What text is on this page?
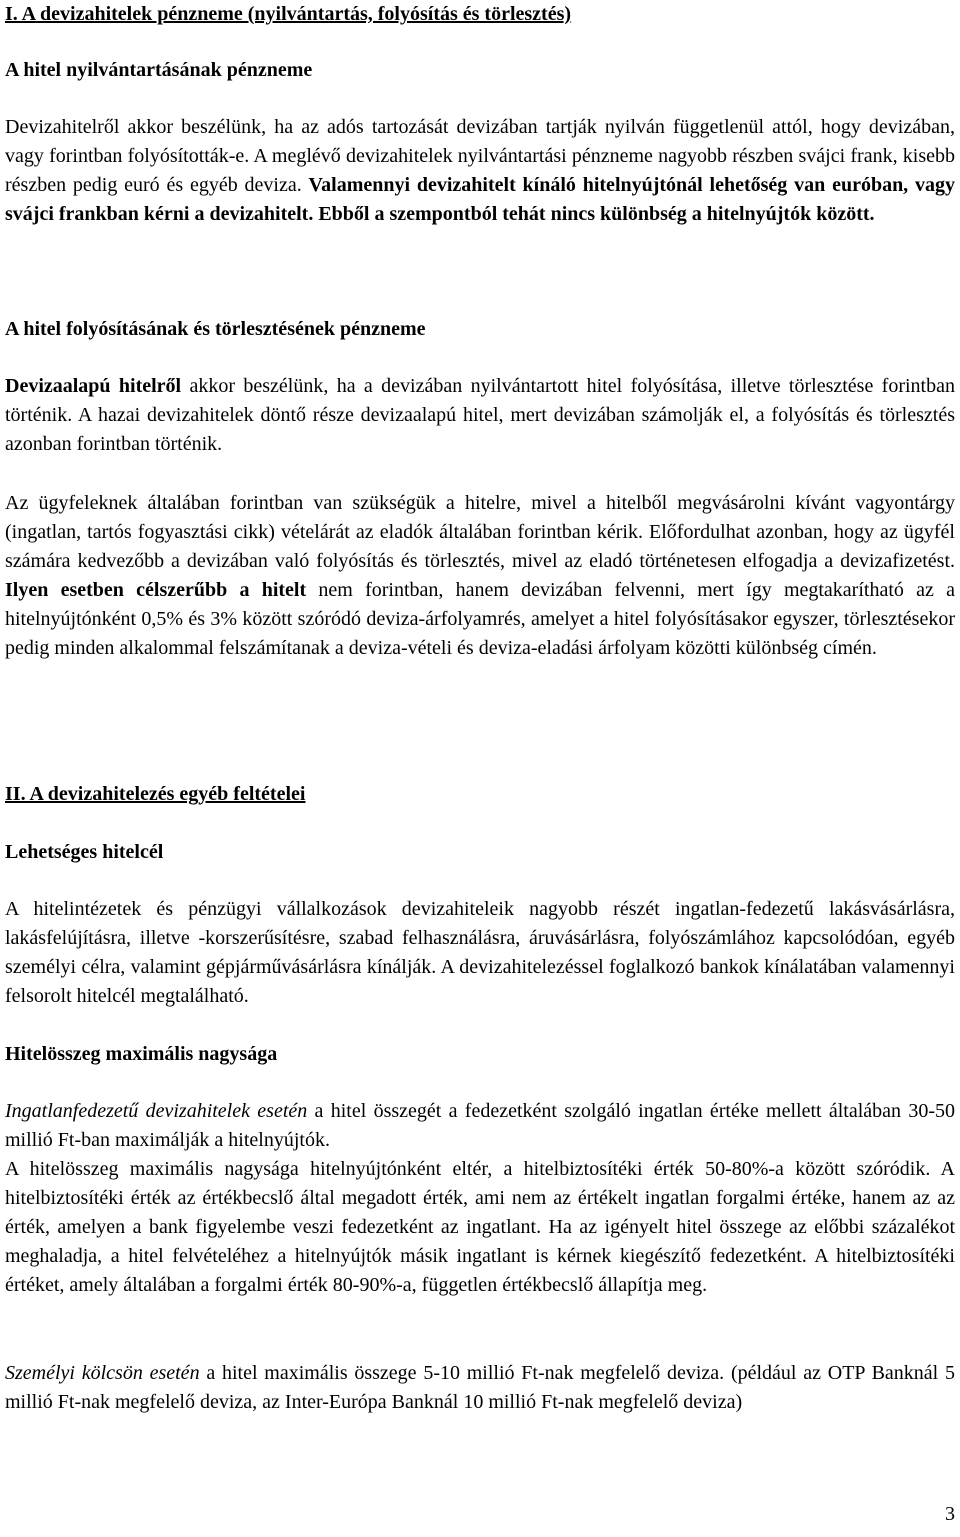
I. A devizahitelek pénzneme (nyilvántartás, folyósítás és törlesztés)

A hitel nyilvántartásának pénzneme

Devizahitelről akkor beszélünk, ha az adós tartozását devizában tartják nyilván függetlenül attól, hogy devizában, vagy forintban folyósították-e. A meglévő devizahitelek nyilvántartási pénzneme nagyobb részben svájci frank, kisebb részben pedig euró és egyéb deviza. Valamennyi devizahitelt kínáló hitelnyújtónál lehetőség van euróban, vagy svájci frankban kérni a devizahitelt. Ebből a szempontból tehát nincs különbség a hitelnyújtók között.

A hitel folyósításának és törlesztésének pénzneme

Devizaalapú hitelről akkor beszélünk, ha a devizában nyilvántartott hitel folyósítása, illetve törlesztése forintban történik. A hazai devizahitelek döntő része devizaalapú hitel, mert devizában számolják el, a folyósítás és törlesztés azonban forintban történik.

Az ügyfeleknek általában forintban van szükségük a hitelre, mivel a hitelből megvásárolni kívánt vagyontárgy (ingatlan, tartós fogyasztási cikk) vételárát az eladók általában forintban kérik. Előfordulhat azonban, hogy az ügyfél számára kedvezőbb a devizában való folyósítás és törlesztés, mivel az eladó történetesen elfogadja a devizafizetést. Ilyen esetben célszerűbb a hitelt nem forintban, hanem devizában felvenni, mert így megtakarítható az a hitelnyújtónként 0,5% és 3% között szóródó deviza-árfolyamrés, amelyet a hitel folyósításakor egyszer, törlesztésekor pedig minden alkalommal felszámítanak a deviza-vételi és deviza-eladási árfolyam közötti különbség címén.

II. A devizahitelezés egyéb feltételei

Lehetséges hitelcél

A hitelintézetek és pénzügyi vállalkozások devizahiteleik nagyobb részét ingatlan-fedezetű lakásvásárlásra, lakásfelújításra, illetve -korszerűsítésre, szabad felhasználásra, áruvásárlásra, folyószámlához kapcsolódóan, egyéb személyi célra, valamint gépjárművásárlásra kínálják. A devizahitelezéssel foglalkozó bankok kínálatában valamennyi felsorolt hitelcél megtalálható.

Hitelösszeg maximális nagysága

Ingatlanfedezetű devizahitelek esetén a hitel összegét a fedezetként szolgáló ingatlan értéke mellett általában 30-50 millió Ft-ban maximálják a hitelnyújtók.

A hitelösszeg maximális nagysága hitelnyújtónként eltér, a hitelbiztosítéki érték 50-80%-a között szóródik. A hitelbiztosítéki érték az értékbecslő által megadott érték, ami nem az értékelt ingatlan forgalmi értéke, hanem az az érték, amelyen a bank figyelembe veszi fedezetként az ingatlant. Ha az igényelt hitel összege az előbbi százalékot meghaladja, a hitel felvételéhez a hitelnyújtók másik ingatlant is kérnek kiegészítő fedezetként. A hitelbiztosítéki értéket, amely általában a forgalmi érték 80-90%-a, független értékbecslő állapítja meg.

Személyi kölcsön esetén a hitel maximális összege 5-10 millió Ft-nak megfelelő deviza. (például az OTP Banknál 5 millió Ft-nak megfelelő deviza, az Inter-Európa Banknál 10 millió Ft-nak megfelelő deviza)

3
